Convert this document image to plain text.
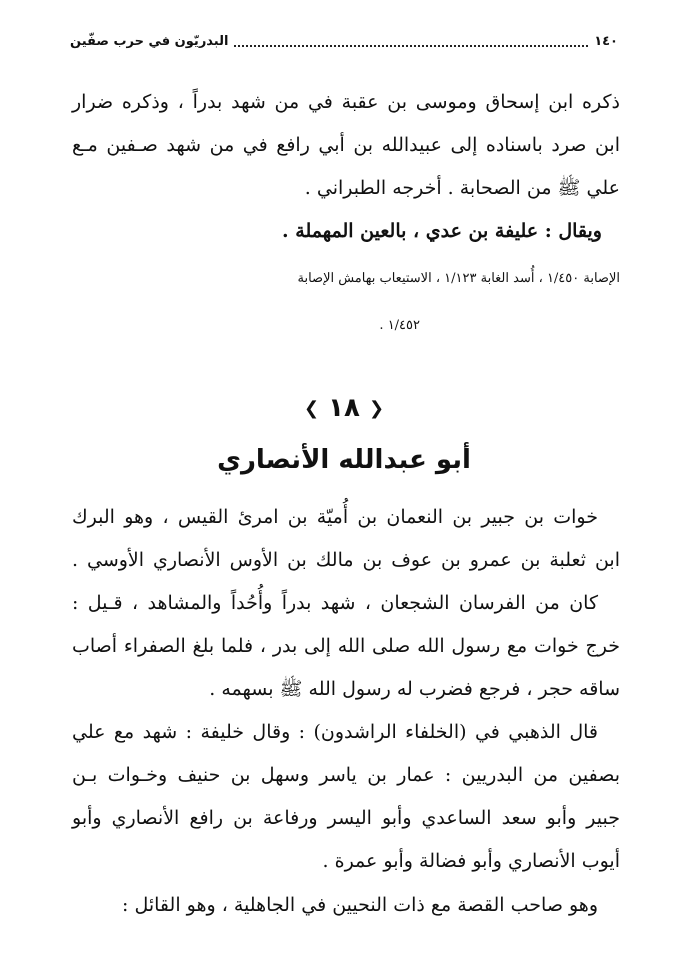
١٤٠
البدريّون في حرب صفّين
ذكره ابن إسحاق وموسى بن عقبة في من شهد بدراً ، وذكره ضرار
ابن صرد باسناده إلى عبيدالله بن أبي رافع في من شهد صـفين مـع
علي ﷺ من الصحابة . أخرجه الطبراني .
ويقال : عليفة بن عدي ، بالعين المهملة .
الإصابة ١/٤٥٠ ، أُسد الغابة ١/١٢٣ ، الاستيعاب بهامش الإصابة
١/٤٥٢ .
❮ ١٨ ❯
أبو عبدالله الأنصاري
خوات بن جبير بن النعمان بن أُميّة بن امرئ القيس ، وهو البرك
ابن ثعلبة بن عمرو بن عوف بن مالك بن الأوس الأنصاري الأوسي .
كان من الفرسان الشجعان ، شهد بدراً وأُحُداً والمشاهد ، قـيل :
خرج خوات مع رسول الله صلى الله إلى بدر ، فلما بلغ الصفراء أصاب
ساقه حجر ، فرجع فضرب له رسول الله ﷺ بسهمه .
قال الذهبي في (الخلفاء الراشدون) : وقال خليفة : شهد مع علي
بصفين من البدريين : عمار بن ياسر وسهل بن حنيف وخـوات بـن
جبير وأبو سعد الساعدي وأبو اليسر ورفاعة بن رافع الأنصاري وأبو
أيوب الأنصاري وأبو فضالة وأبو عمرة .
وهو صاحب القصة مع ذات النحيين في الجاهلية ، وهو القائل :
